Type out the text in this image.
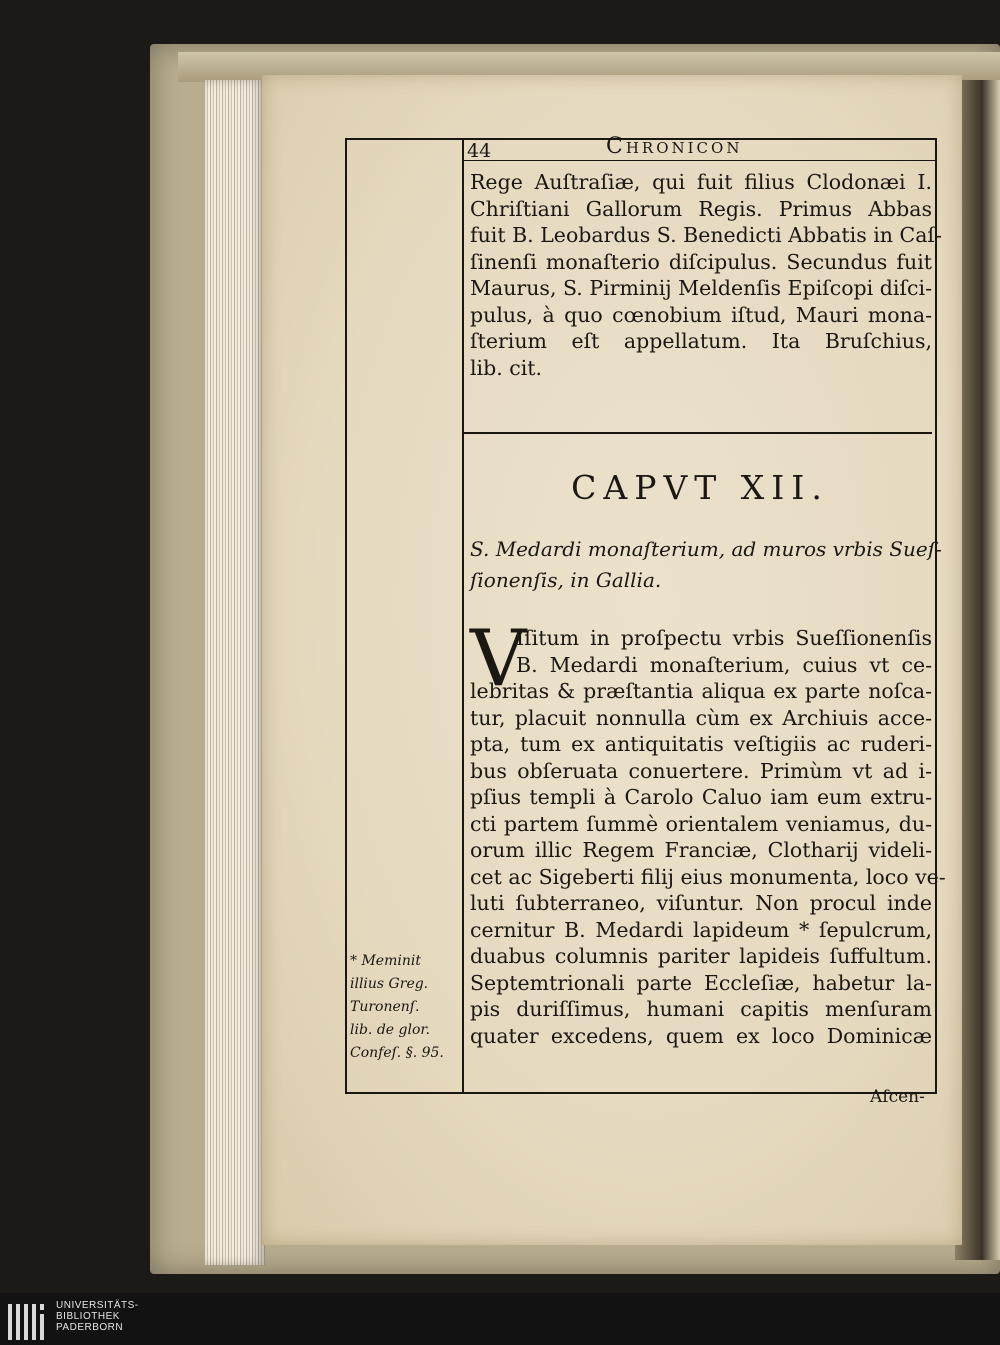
44	Chronicon
Rege Auſtraſiæ, qui fuit filius Clodonæi I.
Chriſtiani Gallorum Regis. Primus Abbas
fuit B. Leobardus S. Benedicti Abbatis in Caſ-
ſinenſi monaſterio diſcipulus. Secundus fuit
Maurus, S. Pirminij Meldenſis Epiſcopi diſci-
pulus, à quo cœnobium iſtud, Mauri mona-
ſterium eſt appellatum. Ita Bruſchius,
lib. cit.
CAPVT XII.
S. Medardi monaſterium, ad muros vrbis Sueſ-
ſionenſis, in Gallia.
V
Iſitum in proſpectu vrbis Sueſſionenſis
B. Medardi monaſterium, cuius vt ce-
lebritas & præſtantia aliqua ex parte noſca-
tur, placuit nonnulla cùm ex Archiuis acce-
pta, tum ex antiquitatis veſtigiis ac ruderi-
bus obſeruata conuertere. Primùm vt ad i-
pſius templi à Carolo Caluo iam eum extru-
cti partem ſummè orientalem veniamus, du-
orum illic Regem Franciæ, Clotharij videli-
cet ac Sigeberti filij eius monumenta, loco ve-
luti ſubterraneo, viſuntur. Non procul inde
cernitur B. Medardi lapideum * ſepulcrum,
duabus columnis pariter lapideis ſuffultum.
Septemtrionali parte Eccleſiæ, habetur la-
pis duriſſimus, humani capitis menſuram
quater excedens, quem ex loco Dominicæ
* Meminit
illius Greg.
Turonenſ.
lib. de glor.
Confeſ. §. 95.
Aſcen-
UNIVERSITÄTS-
BIBLIOTHEK
PADERBORN
